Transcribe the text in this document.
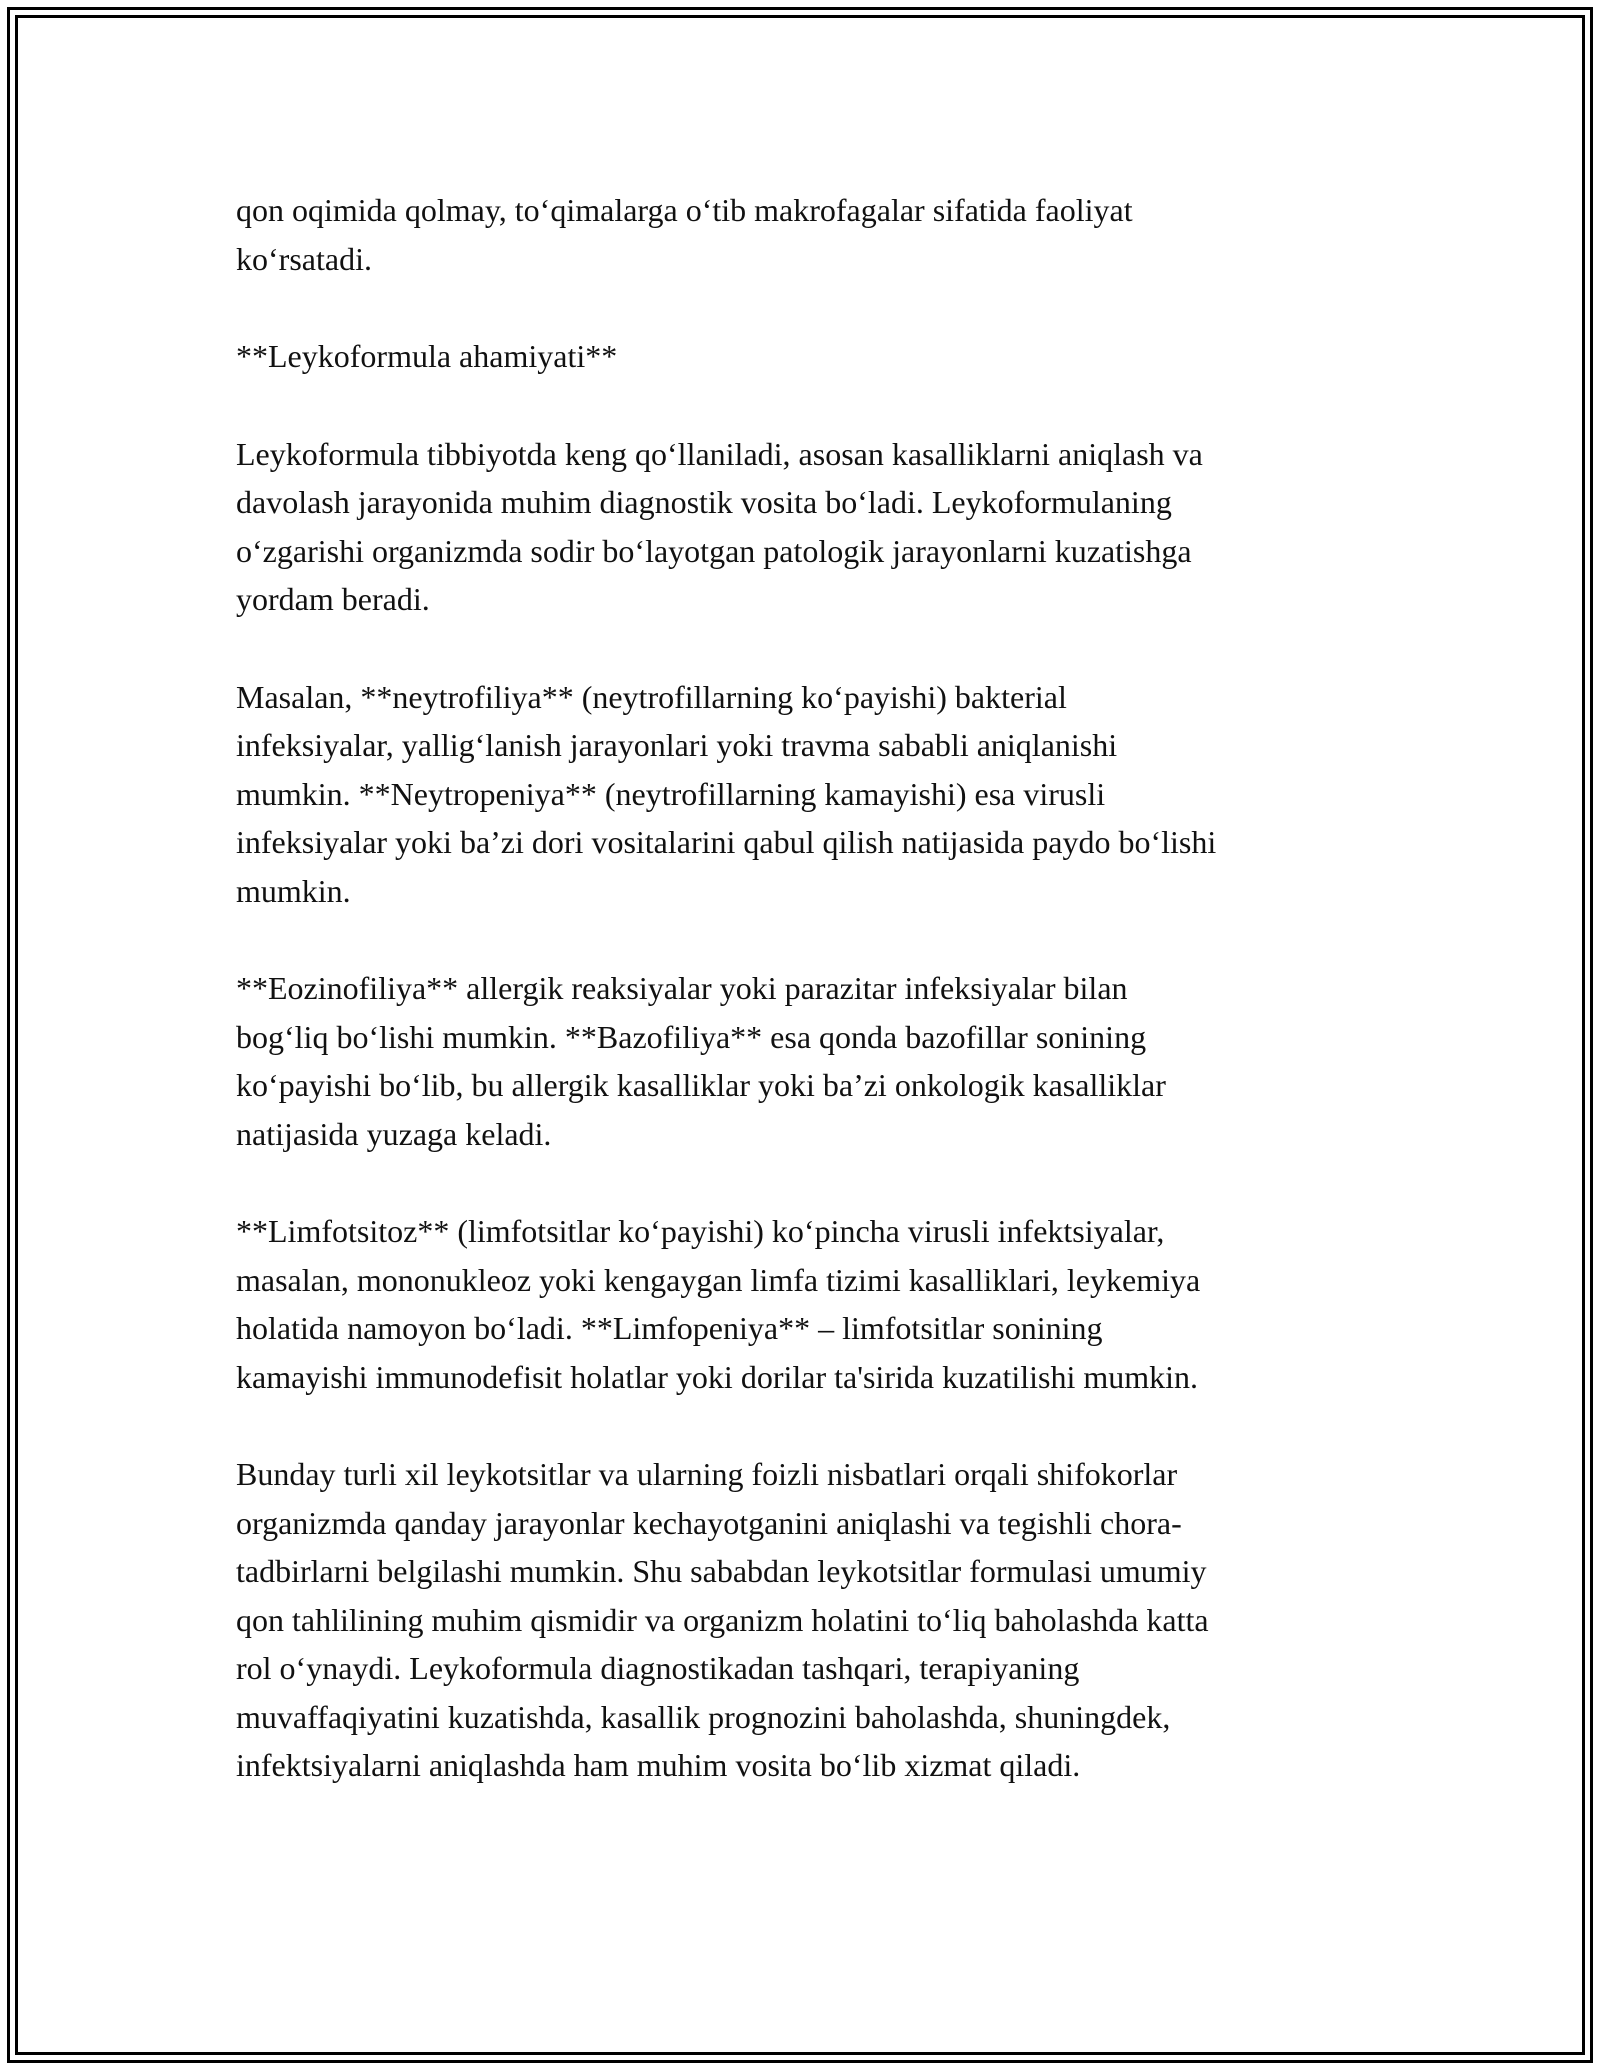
qon oqimida qolmay, to‘qimalarga o‘tib makrofagalar sifatida faoliyat
ko‘rsatadi.

**Leykoformula ahamiyati**

Leykoformula tibbiyotda keng qo‘llaniladi, asosan kasalliklarni aniqlash va
davolash jarayonida muhim diagnostik vosita bo‘ladi. Leykoformulaning
o‘zgarishi organizmda sodir bo‘layotgan patologik jarayonlarni kuzatishga
yordam beradi.

Masalan, **neytrofiliya** (neytrofillarning ko‘payishi) bakterial
infeksiyalar, yallig‘lanish jarayonlari yoki travma sababli aniqlanishi
mumkin. **Neytropeniya** (neytrofillarning kamayishi) esa virusli
infeksiyalar yoki ba’zi dori vositalarini qabul qilish natijasida paydo bo‘lishi
mumkin.

**Eozinofiliya** allergik reaksiyalar yoki parazitar infeksiyalar bilan
bog‘liq bo‘lishi mumkin. **Bazofiliya** esa qonda bazofillar sonining
ko‘payishi bo‘lib, bu allergik kasalliklar yoki ba’zi onkologik kasalliklar
natijasida yuzaga keladi.

**Limfotsitoz** (limfotsitlar ko‘payishi) ko‘pincha virusli infektsiyalar,
masalan, mononukleoz yoki kengaygan limfa tizimi kasalliklari, leykemiya
holatida namoyon bo‘ladi. **Limfopeniya** – limfotsitlar sonining
kamayishi immunodefisit holatlar yoki dorilar ta'sirida kuzatilishi mumkin.

Bunday turli xil leykotsitlar va ularning foizli nisbatlari orqali shifokorlar
organizmda qanday jarayonlar kechayotganini aniqlashi va tegishli chora-
tadbirlarni belgilashi mumkin. Shu sababdan leykotsitlar formulasi umumiy
qon tahlilining muhim qismidir va organizm holatini to‘liq baholashda katta
rol o‘ynaydi. Leykoformula diagnostikadan tashqari, terapiyaning
muvaffaqiyatini kuzatishda, kasallik prognozini baholashda, shuningdek,
infektsiyalarni aniqlashda ham muhim vosita bo‘lib xizmat qiladi.
